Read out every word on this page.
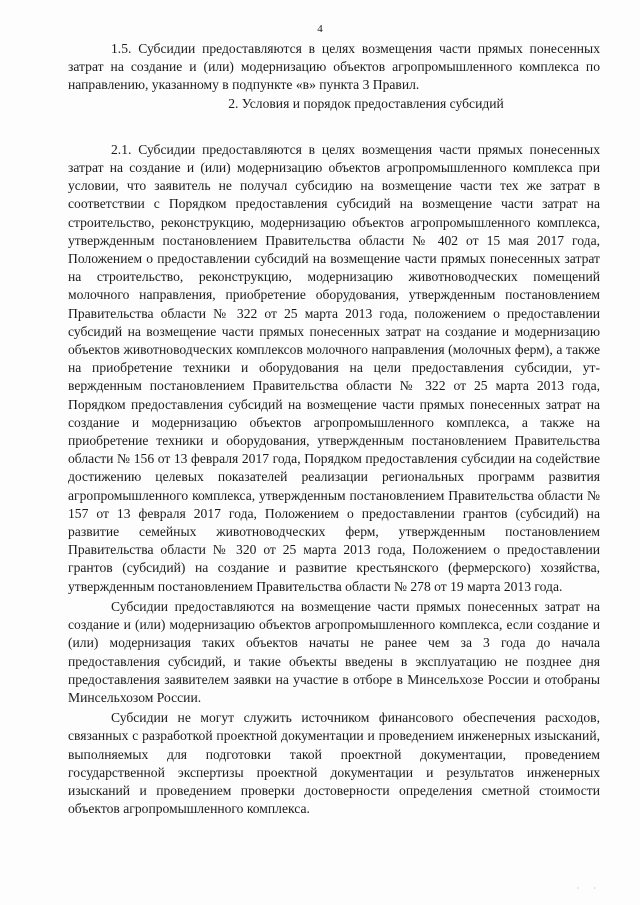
4

1.5. Субсидии предоставляются в целях возмещения части прямых понесенных затрат на создание и (или) модернизацию объектов агропромышленного комплекса по направлению, указанному в подпункте «в» пункта 3 Правил.

2. Условия и порядок предоставления субсидий

2.1. Субсидии предоставляются в целях возмещения части прямых понесенных затрат на создание и (или) модернизацию объектов агропромышленного комплекса при условии, что заявитель не получал субсидию на возмещение части тех же затрат в соответствии с Порядком предоставления субсидий на возмещение части затрат на строительство, реконструкцию, модернизацию объектов агропромышленного комплекса, утвержденным постановлением Правительства области № 402 от 15 мая 2017 года, Положением о предоставлении субсидий на возмещение части прямых понесенных затрат на строительство, реконструкцию, модернизацию животноводческих помещений молочного направления, приобретение оборудования, утвержденным постановлением Правительства области № 322 от 25 марта 2013 года, положением о предоставлении субсидий на возмещение части прямых понесенных затрат на создание и модернизацию объектов животноводческих комплексов молочного направления (молочных ферм), а также на приобретение техники и оборудования на цели предоставления субсидии, утвержденным постановлением Правительства области № 322 от 25 марта 2013 года, Порядком предоставления субсидий на возмещение части прямых понесенных затрат на создание и модернизацию объектов агропромышленного комплекса, а также на приобретение техники и оборудования, утвержденным постановлением Правительства области № 156 от 13 февраля 2017 года, Порядком предоставления субсидии на содействие достижению целевых показателей реализации региональных программ развития агропромышленного комплекса, утвержденным постановлением Правительства области № 157 от 13 февраля 2017 года, Положением о предоставлении грантов (субсидий) на развитие семейных животноводческих ферм, утвержденным постановлением Правительства области № 320 от 25 марта 2013 года, Положением о предоставлении грантов (субсидий) на создание и развитие крестьянского (фермерского) хозяйства, утвержденным постановлением Правительства области № 278 от 19 марта 2013 года.

Субсидии предоставляются на возмещение части прямых понесенных затрат на создание и (или) модернизацию объектов агропромышленного комплекса, если создание и (или) модернизация таких объектов начаты не ранее чем за 3 года до начала предоставления субсидий, и такие объекты введены в эксплуатацию не позднее дня предоставления заявителем заявки на участие в отборе в Минсельхозе России и отобраны Минсельхозом России.

Субсидии не могут служить источником финансового обеспечения расходов, связанных с разработкой проектной документации и проведением инженерных изысканий, выполняемых для подготовки такой проектной документации, проведением государственной экспертизы проектной документации и результатов инженерных изысканий и проведением проверки достоверности определения сметной стоимости объектов агропромышленного комплекса.

· ·
